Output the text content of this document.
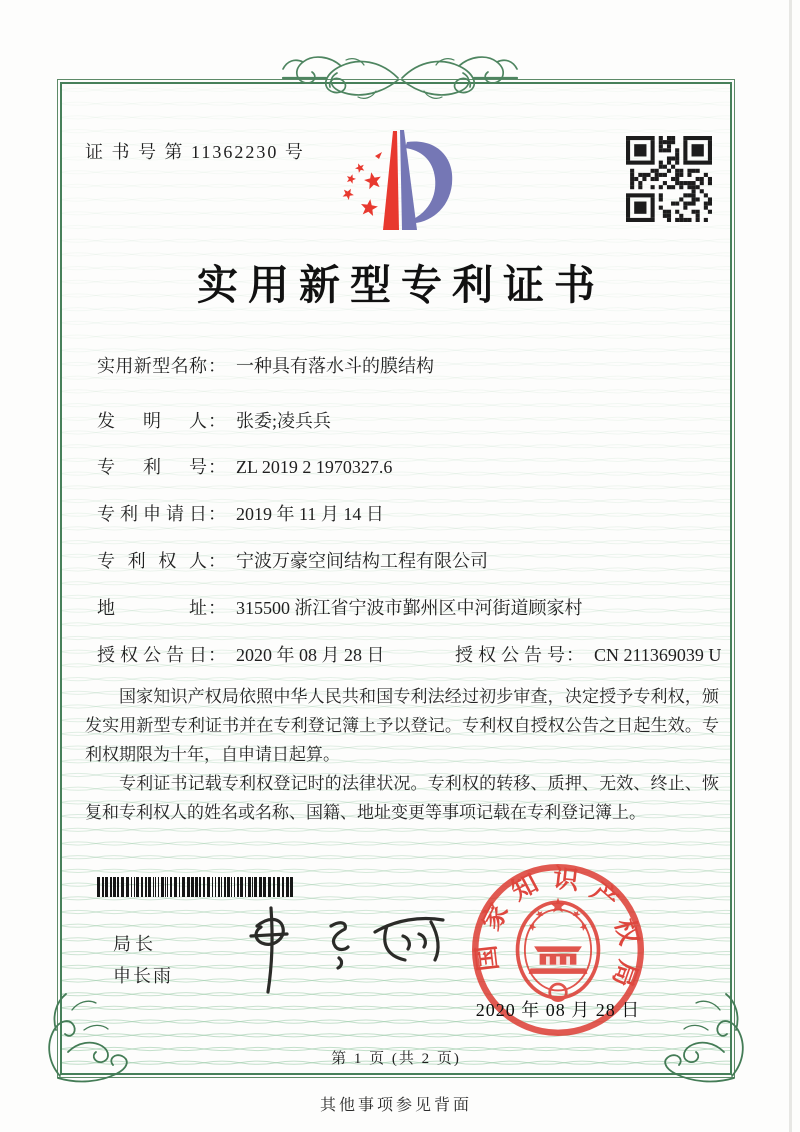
证 书 号 第 11362230 号
实用新型专利证书
实用新型名称 ： 一种具有落水斗的膜结构
发明人 ： 张委;凌兵兵
专利号 ： ZL 2019 2 1970327.6
专利申请日 ： 2019 年 11 月 14 日
专利权人 ： 宁波万豪空间结构工程有限公司
地址 ： 315500 浙江省宁波市鄞州区中河街道顾家村
授权公告日 ： 2020 年 08 月 28 日	授权公告号 ： CN 211369039 U

国家知识产权局依照中华人民共和国专利法经过初步审查，决定授予专利权，颁发实用新型专利证书并在专利登记簿上予以登记。专利权自授权公告之日起生效。专利权期限为十年，自申请日起算。

专利证书记载专利权登记时的法律状况。专利权的转移、质押、无效、终止、恢复和专利权人的姓名或名称、国籍、地址变更等事项记载在专利登记簿上。

局长
申长雨
国家知识产权局
2020 年 08 月 28 日
第 1 页 (共 2 页)
其他事项参见背面
